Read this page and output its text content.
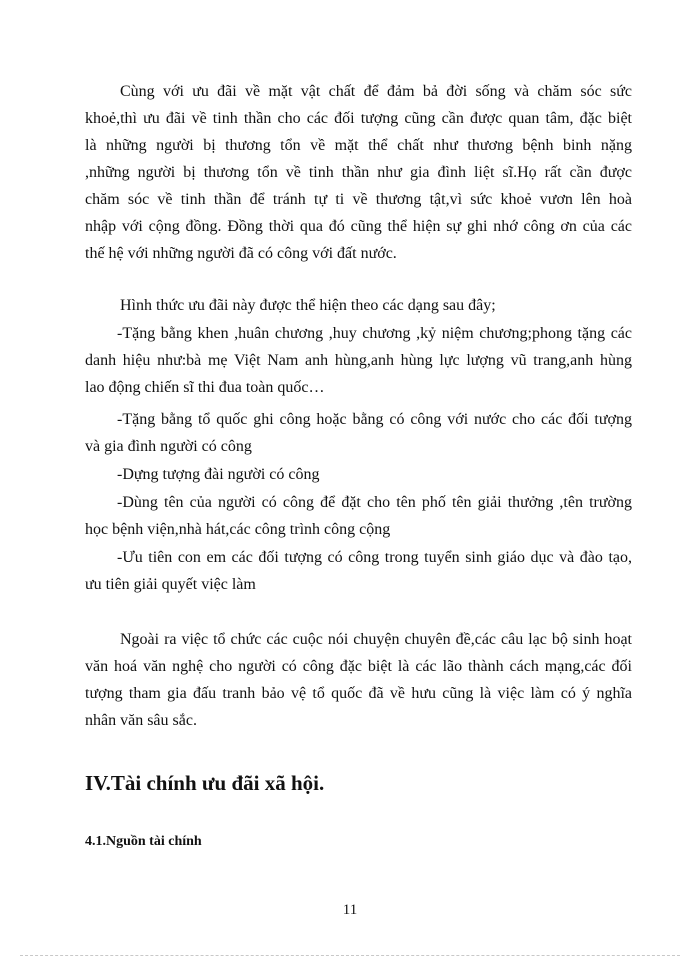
Cùng với ưu đãi về mặt vật chất để đảm bả đời sống và chăm sóc sức
khoẻ,thì ưu đãi về tinh thần cho các đối tượng cũng cần được quan tâm, đặc biệt
là những người bị thương tổn về mặt thể chất như thương bệnh binh nặng
,những người bị thương tổn về tinh thần như gia đình liệt sĩ.Họ rất cần được
chăm sóc về tinh thần để tránh tự ti về thương tật,vì sức khoẻ vươn lên hoà
nhập với cộng đồng. Đồng thời qua đó cũng thể hiện sự ghi nhớ công ơn của các
thế hệ với những người đã có công với đất nước.
Hình thức ưu đãi này được thể hiện theo các dạng sau đây;
-Tặng bằng khen ,huân chương ,huy chương ,kỷ niệm chương;phong tặng các
danh hiệu như:bà mẹ Việt Nam anh hùng,anh hùng lực lượng vũ trang,anh hùng
lao động chiến sĩ thi đua toàn quốc…
-Tặng bằng tổ quốc ghi công hoặc bằng có công với nước cho các đối tượng
và gia đình người có công
-Dựng tượng đài người có công
-Dùng tên của người có công để đặt cho tên phố tên giải thưởng ,tên trường
học bệnh viện,nhà hát,các công trình công cộng
-Ưu tiên con em các đối tượng có công trong tuyển sinh giáo dục và đào tạo,
ưu tiên giải quyết việc làm
Ngoài ra việc tổ chức các cuộc nói chuyện chuyên đề,các câu lạc bộ sinh hoạt
văn hoá văn nghệ cho người có công đặc biệt là các lão thành cách mạng,các đối
tượng tham gia đấu tranh bảo vệ tổ quốc đã về hưu cũng là việc làm có ý nghĩa
nhân văn sâu sắc.
IV.Tài chính ưu đãi xã hội.
4.1.Nguồn tài chính
11
